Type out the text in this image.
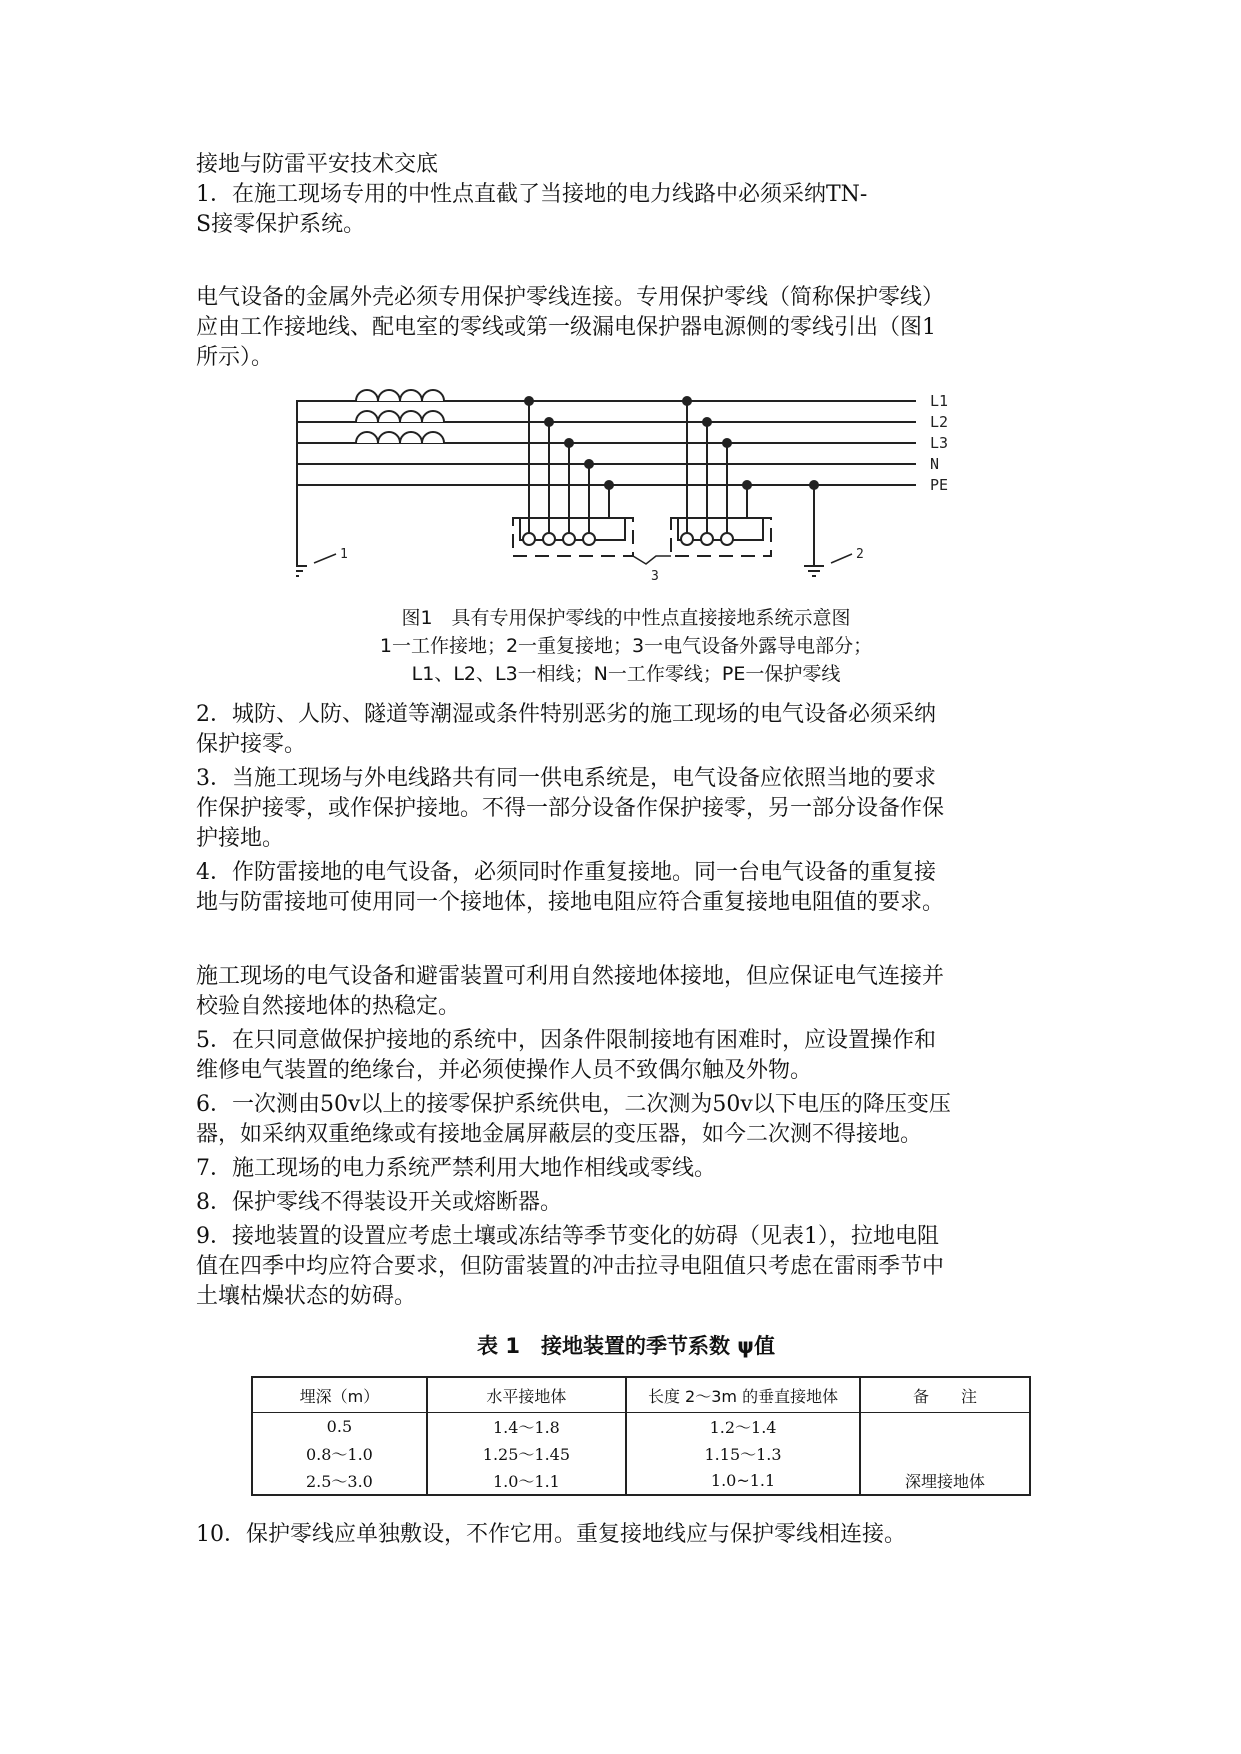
接地与防雷平安技术交底
1．在施工现场专用的中性点直截了当接地的电力线路中必须采纳TN-
S接零保护系统。
电气设备的金属外壳必须专用保护零线连接。专用保护零线（简称保护零线）
应由工作接地线、配电室的零线或第一级漏电保护器电源侧的零线引出（图1
所示）。
2．城防、人防、隧道等潮湿或条件特别恶劣的施工现场的电气设备必须采纳
保护接零。
3．当施工现场与外电线路共有同一供电系统是，电气设备应依照当地的要求
作保护接零，或作保护接地。不得一部分设备作保护接零，另一部分设备作保
护接地。
4．作防雷接地的电气设备，必须同时作重复接地。同一台电气设备的重复接
地与防雷接地可使用同一个接地体，接地电阻应符合重复接地电阻值的要求。
施工现场的电气设备和避雷装置可利用自然接地体接地，但应保证电气连接并
校验自然接地体的热稳定。
5．在只同意做保护接地的系统中，因条件限制接地有困难时，应设置操作和
维修电气装置的绝缘台，并必须使操作人员不致偶尔触及外物。
6．一次测由50v以上的接零保护系统供电，二次测为50v以下电压的降压变压
器，如采纳双重绝缘或有接地金属屏蔽层的变压器，如今二次测不得接地。
7．施工现场的电力系统严禁利用大地作相线或零线。
8．保护零线不得装设开关或熔断器。
9．接地装置的设置应考虑土壤或冻结等季节变化的妨碍（见表1），拉地电阻
值在四季中均应符合要求，但防雷装置的冲击拉寻电阻值只考虑在雷雨季节中
土壤枯燥状态的妨碍。
10．保护零线应单独敷设，不作它用。重复接地线应与保护零线相连接。
L1
L2
L3
N
PE
1	2
3
图1　具有专用保护零线的中性点直接接地系统示意图
1一工作接地；2一重复接地；3一电气设备外露导电部分；
L1、L2、L3一相线；N一工作零线；PE一保护零线
表 1　接地装置的季节系数 ψ值
埋深（m）	水平接地体	长度 2～3m 的垂直接地体	备　　注
0.5	1.4～1.8	1.2～1.4	
0.8～1.0	1.25～1.45	1.15～1.3	
2.5～3.0	1.0～1.1	1.0~1.1	深埋接地体
